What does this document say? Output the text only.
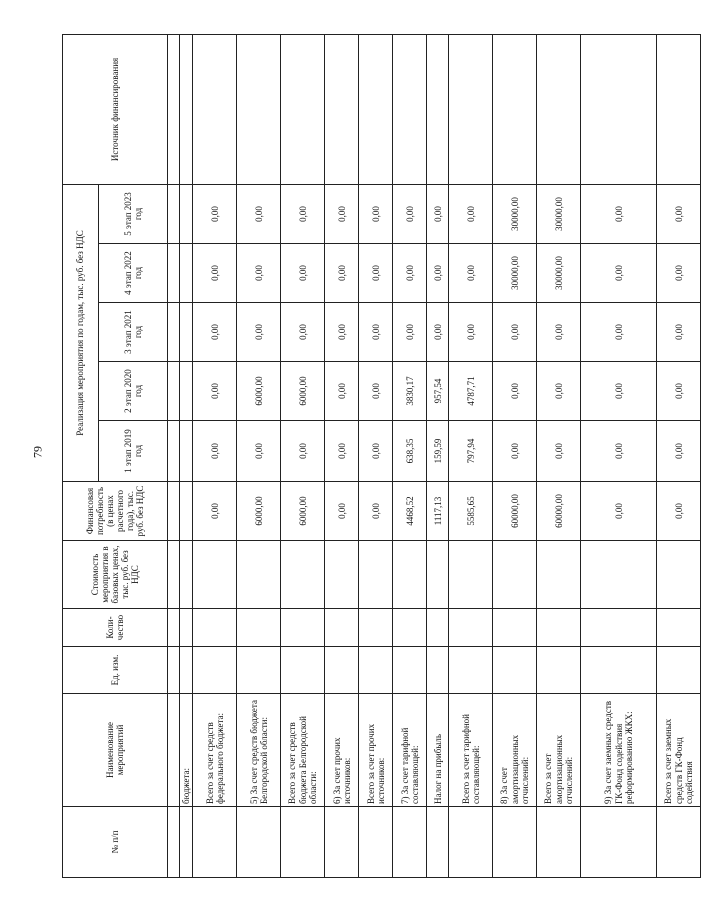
79
№ п/п	Наименование мероприятий	Ед. изм.	Коли-чество	Стоимость мероприятия в базовых ценах, тыс. руб. без НДС	Финансовая потребность (в ценах расчетного года), тыс. руб. без НДС	Реализация мероприятия по годам, тыс. руб. без НДС					Источник финансирования
						1 этап 2019 год	2 этап 2020 год	3 этап 2021 год	4 этап 2022 год	5 этап 2023 год	

	бюджета:										
	Всего за счет средств федерального бюджета:				0,00	0,00	0,00	0,00	0,00	0,00	
	5) За счет средств бюджета Белгородской области:				6000,00	0,00	6000,00	0,00	0,00	0,00	
	Всего за счет средств бюджета Белгородской области:				6000,00	0,00	6000,00	0,00	0,00	0,00	
	6) За счет прочих источников:				0,00	0,00	0,00	0,00	0,00	0,00	
	Всего за счет прочих источников:				0,00	0,00	0,00	0,00	0,00	0,00	
	7) За счет тарифной составляющей:				4468,52	638,35	3830,17	0,00	0,00	0,00	
	Налог на прибыль				1117,13	159,59	957,54	0,00	0,00	0,00	
	Всего за счет тарифной составляющей:				5585,65	797,94	4787,71	0,00	0,00	0,00	
	8) За счет амортизационных отчислений:				60000,00	0,00	0,00	0,00	30000,00	30000,00	
	Всего за счет амортизационных отчислений:				60000,00	0,00	0,00	0,00	30000,00	30000,00	
	9) За счет заемных средств ГК-Фонд содействия реформированию ЖКХ:				0,00	0,00	0,00	0,00	0,00	0,00	
	Всего за счет заемных средств ГК-Фонд содействия				0,00	0,00	0,00	0,00	0,00	0,00	
